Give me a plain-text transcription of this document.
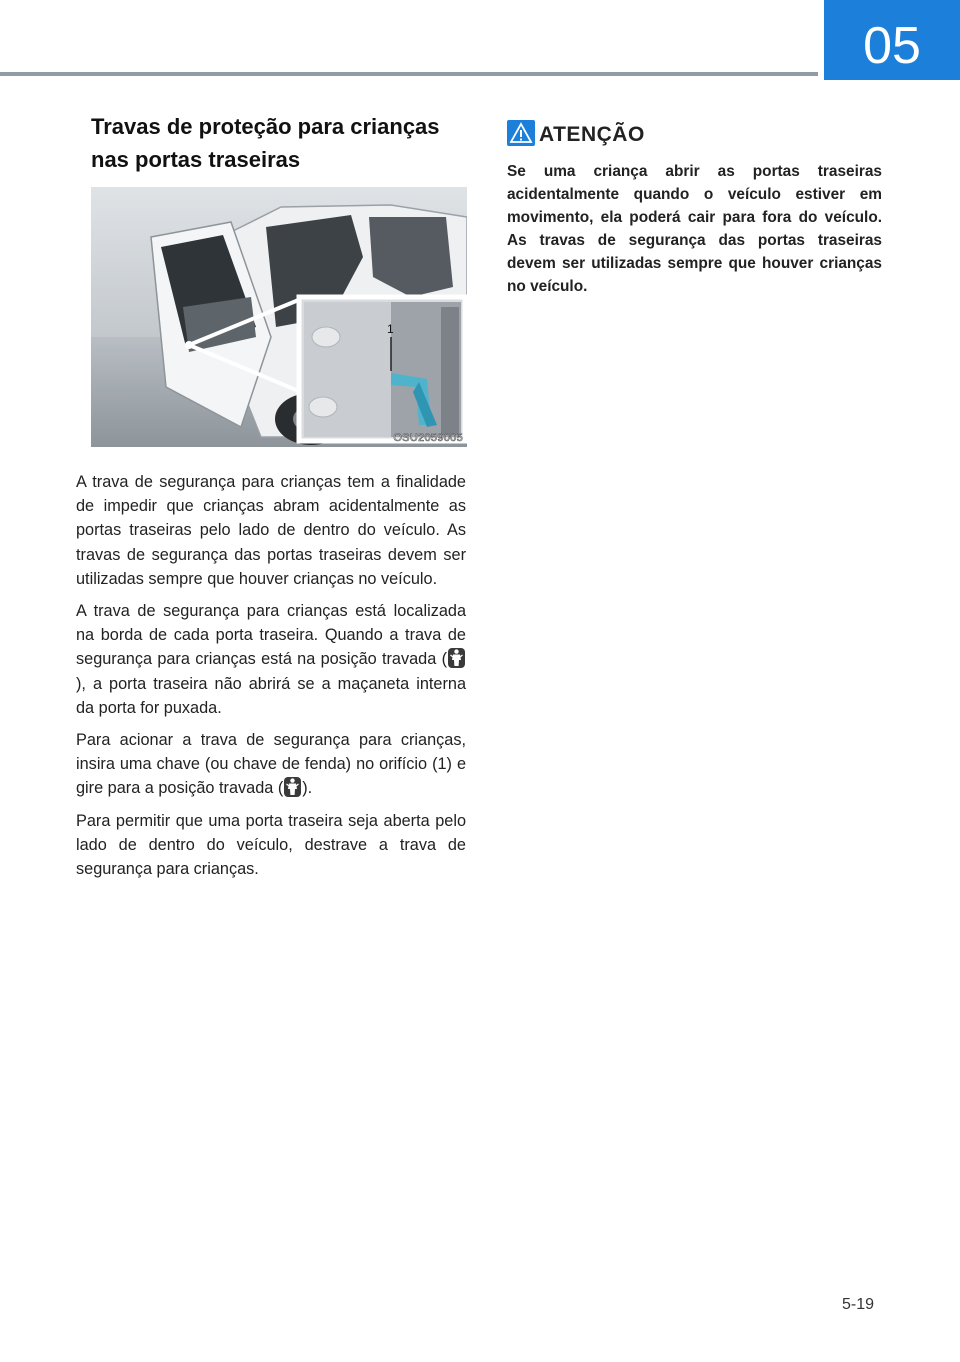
05
Travas de proteção para crianças nas portas traseiras
1
OSU2059005

A trava de segurança para crianças tem a finalidade de impedir que crianças abram acidentalmente as portas traseiras pelo lado de dentro do veículo. As travas de segurança das portas traseiras devem ser utilizadas sempre que houver crianças no veículo.

A trava de segurança para crianças está localizada na borda de cada porta traseira. Quando a trava de segurança para crianças está na posição travada (
), a porta traseira não abrirá se a maçaneta interna da porta for puxada.

Para acionar a trava de segurança para crianças, insira uma chave (ou chave de fenda) no orifício (1) e gire para a posição travada ( ).

Para permitir que uma porta traseira seja aberta pelo lado de dentro do veículo, destrave a trava de segurança para crianças.

ATENÇÃO

Se uma criança abrir as portas traseiras acidentalmente quando o veículo estiver em movimento, ela poderá cair para fora do veículo. As travas de segurança das portas traseiras devem ser utilizadas sempre que houver crianças no veículo.

5-19
